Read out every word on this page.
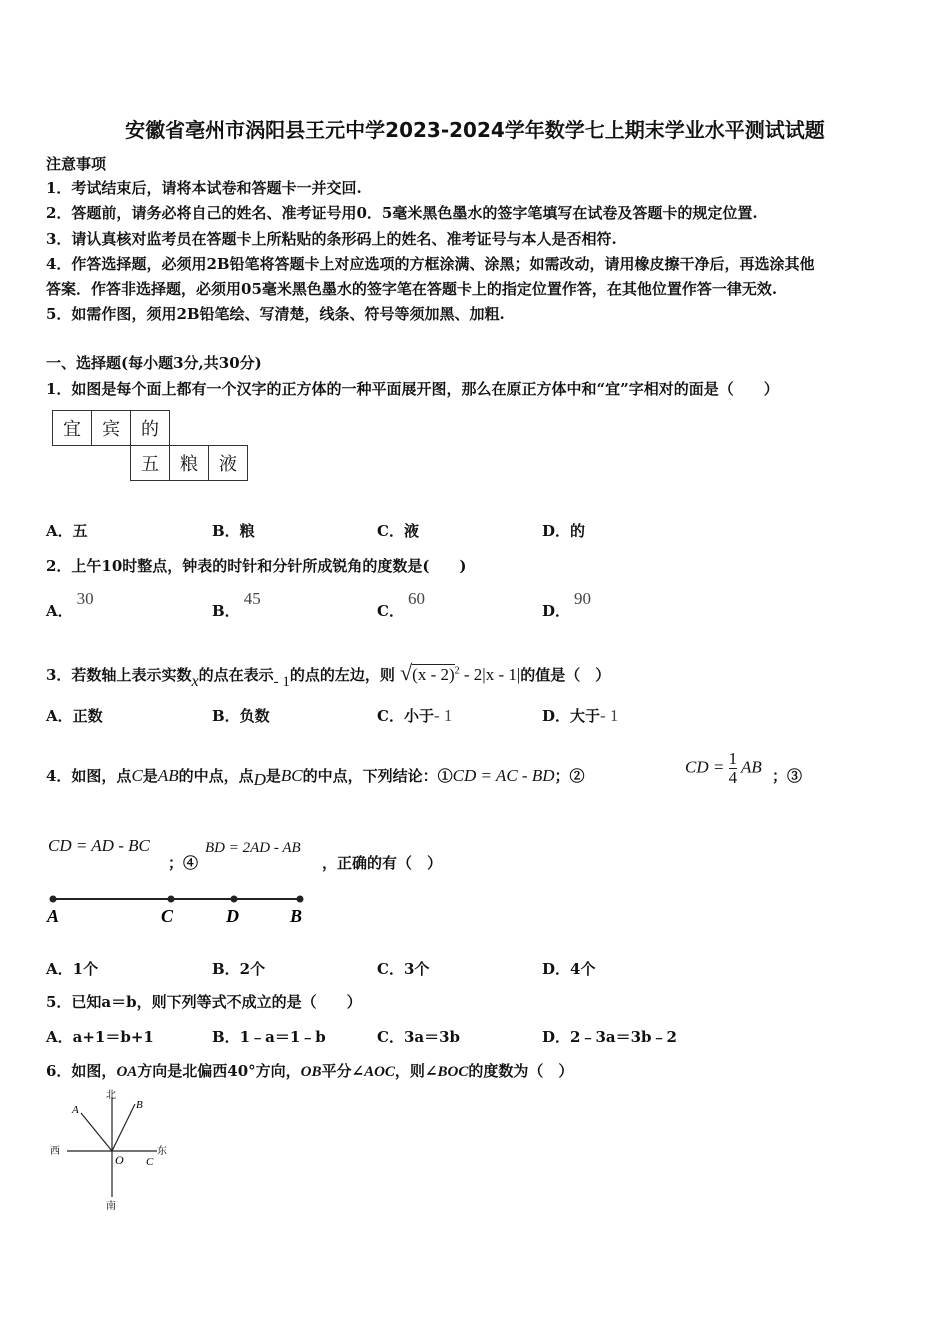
安徽省亳州市涡阳县王元中学2023-2024学年数学七上期末学业水平测试试题
注意事项
1．考试结束后，请将本试卷和答题卡一并交回.
2．答题前，请务必将自己的姓名、准考证号用0．5毫米黑色墨水的签字笔填写在试卷及答题卡的规定位置.
3．请认真核对监考员在答题卡上所粘贴的条形码上的姓名、准考证号与本人是否相符.
4．作答选择题，必须用2B铅笔将答题卡上对应选项的方框涂满、涂黑；如需改动，请用橡皮擦干净后，再选涂其他
答案．作答非选择题，必须用05毫米黑色墨水的签字笔在答题卡上的指定位置作答，在其他位置作答一律无效.
5．如需作图，须用2B铅笔绘、写清楚，线条、符号等须加黑、加粗.
一、选择题(每小题3分,共30分)
1．如图是每个面上都有一个汉字的正方体的一种平面展开图，那么在原正方体中和“宜”字相对的面是（　　）
宜	宾	的		
		五	粮	液
A．五	B．粮	C．液	D．的
2．上午10时整点，钟表的时针和分针所成锐角的度数是(　　)
A．30
B．45
C．60
D．90
3．若数轴上表示实数x的点在表示- 1的点的左边，则 √(x - 2)$^2$ - 2|x - 1|的值是（　）
A．正数	B．负数	C．小于- 1	D．大于- 1
4．如图，点C是AB的中点，点D是BC的中点，下列结论：①CD = AC - BD；②	CD = $\frac{1}{4}$ AB ；③
CD = AD - BC
；④
BD = 2AD - AB
，正确的有（　）
A	C	D	B
A．1个	B．2个	C．3个	D．4个
5．已知a＝b，则下列等式不成立的是（　　）
A．a+1＝b+1	B．1﹣a＝1﹣b	C．3a＝3b	D．2﹣3a＝3b﹣2
6．如图，OA方向是北偏西40°方向，OB平分∠AOC，则∠BOC的度数为（　）
北
南
西	东
A	B
O C
